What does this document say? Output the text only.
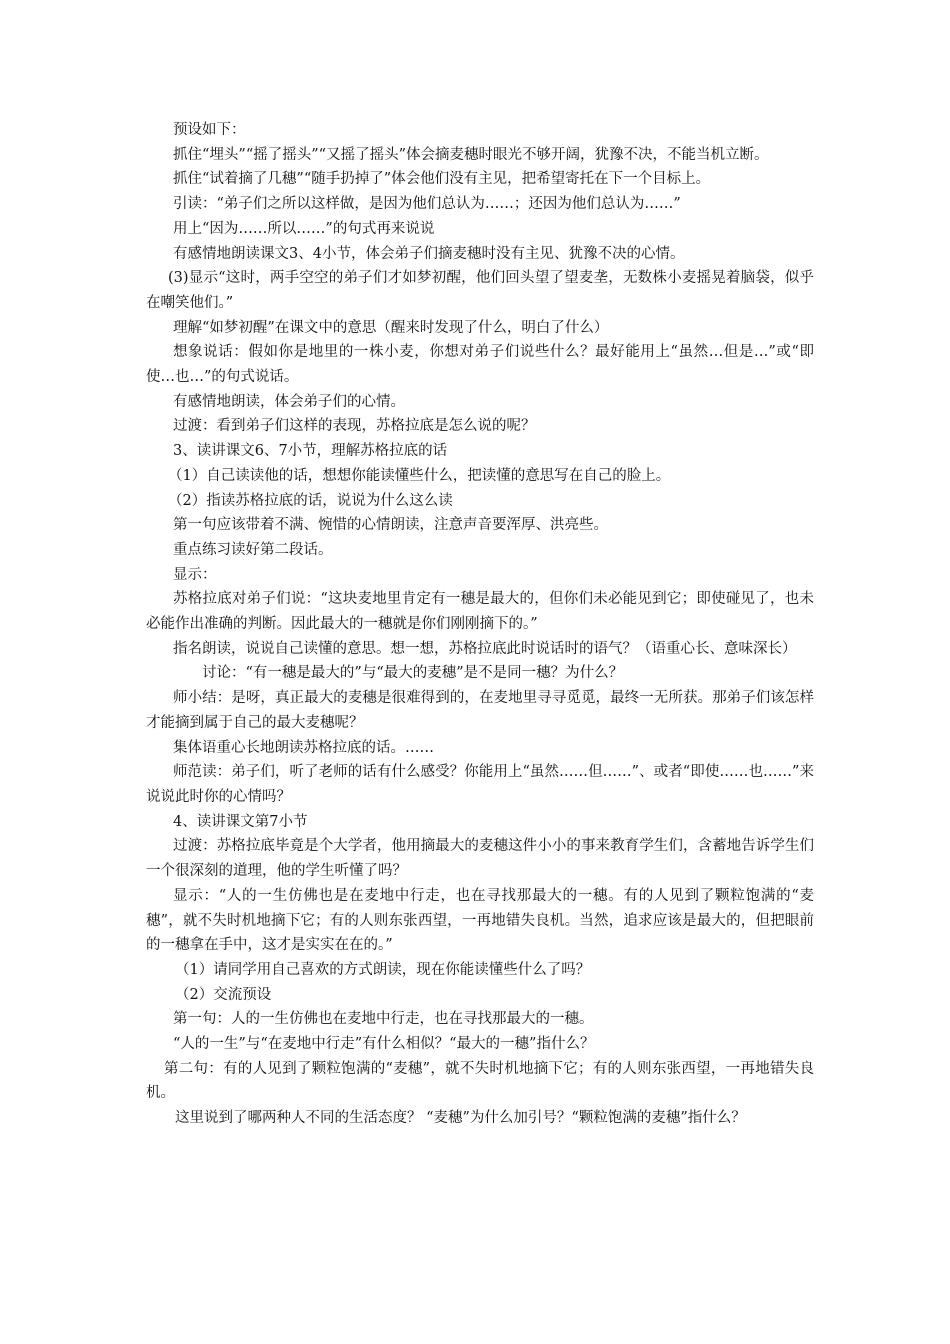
预设如下：

抓住“埋头”“摇了摇头”“又摇了摇头”体会摘麦穗时眼光不够开阔，犹豫不决，不能当机立断。

抓住“试着摘了几穗”“随手扔掉了”体会他们没有主见，把希望寄托在下一个目标上。

引读：“弟子们之所以这样做，是因为他们总认为……；还因为他们总认为……”

用上“因为……所以……”的句式再来说说

有感情地朗读课文3、4小节，体会弟子们摘麦穗时没有主见、犹豫不决的心情。

(3)显示“这时，两手空空的弟子们才如梦初醒，他们回头望了望麦垄，无数株小麦摇晃着脑袋，似乎在嘲笑他们。”

理解“如梦初醒”在课文中的意思（醒来时发现了什么，明白了什么）

想象说话：假如你是地里的一株小麦，你想对弟子们说些什么？最好能用上“虽然…但是…”或“即使…也…”的句式说话。

有感情地朗读，体会弟子们的心情。

过渡：看到弟子们这样的表现，苏格拉底是怎么说的呢？

3、读讲课文6、7小节，理解苏格拉底的话

（1）自己读读他的话，想想你能读懂些什么，把读懂的意思写在自己的脸上。

（2）指读苏格拉底的话，说说为什么这么读

第一句应该带着不满、惋惜的心情朗读，注意声音要浑厚、洪亮些。

重点练习读好第二段话。

显示：

苏格拉底对弟子们说：“这块麦地里肯定有一穗是最大的，但你们未必能见到它；即使碰见了，也未必能作出准确的判断。因此最大的一穗就是你们刚刚摘下的。”

指名朗读，说说自己读懂的意思。想一想，苏格拉底此时说话时的语气？（语重心长、意味深长）

讨论：“有一穗是最大的”与“最大的麦穗”是不是同一穗？为什么？

师小结：是呀，真正最大的麦穗是很难得到的，在麦地里寻寻觅觅，最终一无所获。那弟子们该怎样才能摘到属于自己的最大麦穗呢？

集体语重心长地朗读苏格拉底的话。……

师范读：弟子们，听了老师的话有什么感受？你能用上“虽然……但……”、或者“即使……也……”来说说此时你的心情吗？

4、读讲课文第7小节

过渡：苏格拉底毕竟是个大学者，他用摘最大的麦穗这件小小的事来教育学生们，含蓄地告诉学生们一个很深刻的道理，他的学生听懂了吗？

显示：“人的一生仿佛也是在麦地中行走，也在寻找那最大的一穗。有的人见到了颗粒饱满的“麦穗”，就不失时机地摘下它；有的人则东张西望，一再地错失良机。当然，追求应该是最大的，但把眼前的一穗拿在手中，这才是实实在在的。”

（1）请同学用自己喜欢的方式朗读，现在你能读懂些什么了吗？

（2）交流预设

第一句：人的一生仿佛也在麦地中行走，也在寻找那最大的一穗。

“人的一生”与“在麦地中行走”有什么相似？“最大的一穗”指什么？

第二句：有的人见到了颗粒饱满的“麦穗”，就不失时机地摘下它；有的人则东张西望，一再地错失良机。

这里说到了哪两种人不同的生活态度？ “麦穗”为什么加引号？“颗粒饱满的麦穗”指什么？
